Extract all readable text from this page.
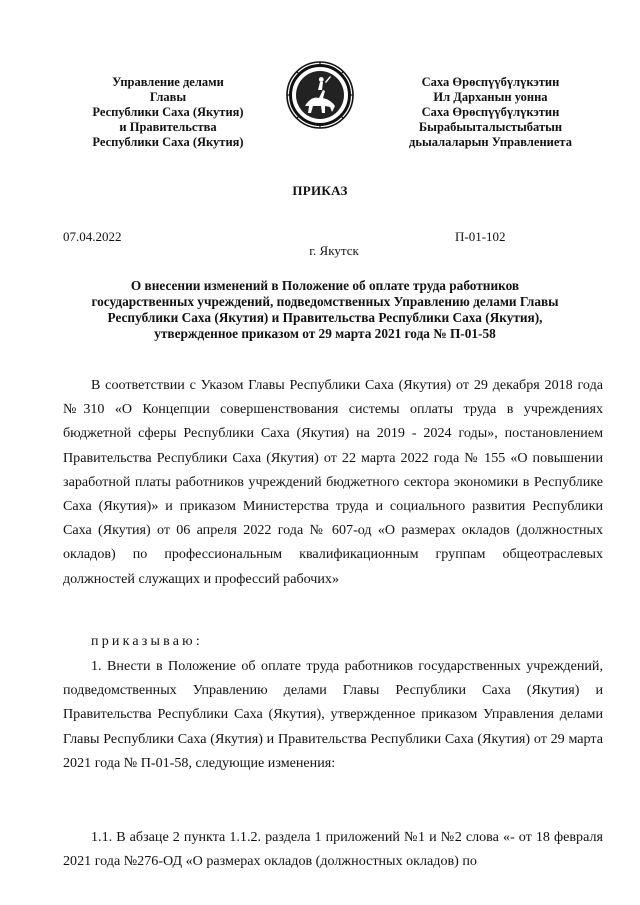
Управление делами
Главы
Республики Саха (Якутия)
и Правительства
Республики Саха (Якутия)
Саха Өрөспүүбүлүкэтин
Ил Дарханын уонна
Саха Өрөспүүбүлүкэтин
Бырабыыталыстыбатын
дьыалаларын Управлениета
ПРИКАЗ
07.04.2022	П-01-102
г. Якутск
О внесении изменений в Положение об оплате труда работников
государственных учреждений, подведомственных Управлению делами Главы
Республики Саха (Якутия) и Правительства Республики Саха (Якутия),
утвержденное приказом от 29 марта 2021 года № П-01-58
В соответствии с Указом Главы Республики Саха (Якутия) от 29 декабря 2018 года №310 «О Концепции совершенствования системы оплаты труда в учреждениях бюджетной сферы Республики Саха (Якутия) на 2019 - 2024 годы», постановлением Правительства Республики Саха (Якутия) от 22 марта 2022 года № 155 «О повышении заработной платы работников учреждений бюджетного сектора экономики в Республике Саха (Якутия)» и приказом Министерства труда и социального развития Республики Саха (Якутия) от 06 апреля 2022 года № 607-од «О размерах окладов (должностных окладов) по профессиональным квалификационным группам общеотраслевых должностей служащих и профессий рабочих»
приказываю:
1. Внести в Положение об оплате труда работников государственных учреждений, подведомственных Управлению делами Главы Республики Саха (Якутия) и Правительства Республики Саха (Якутия), утвержденное приказом Управления делами Главы Республики Саха (Якутия) и Правительства Республики Саха (Якутия) от 29 марта 2021 года № П-01-58, следующие изменения:
1.1. В абзаце 2 пункта 1.1.2. раздела 1 приложений №1 и №2 слова «- от 18 февраля 2021 года №276-ОД «О размерах окладов (должностных окладов) по
